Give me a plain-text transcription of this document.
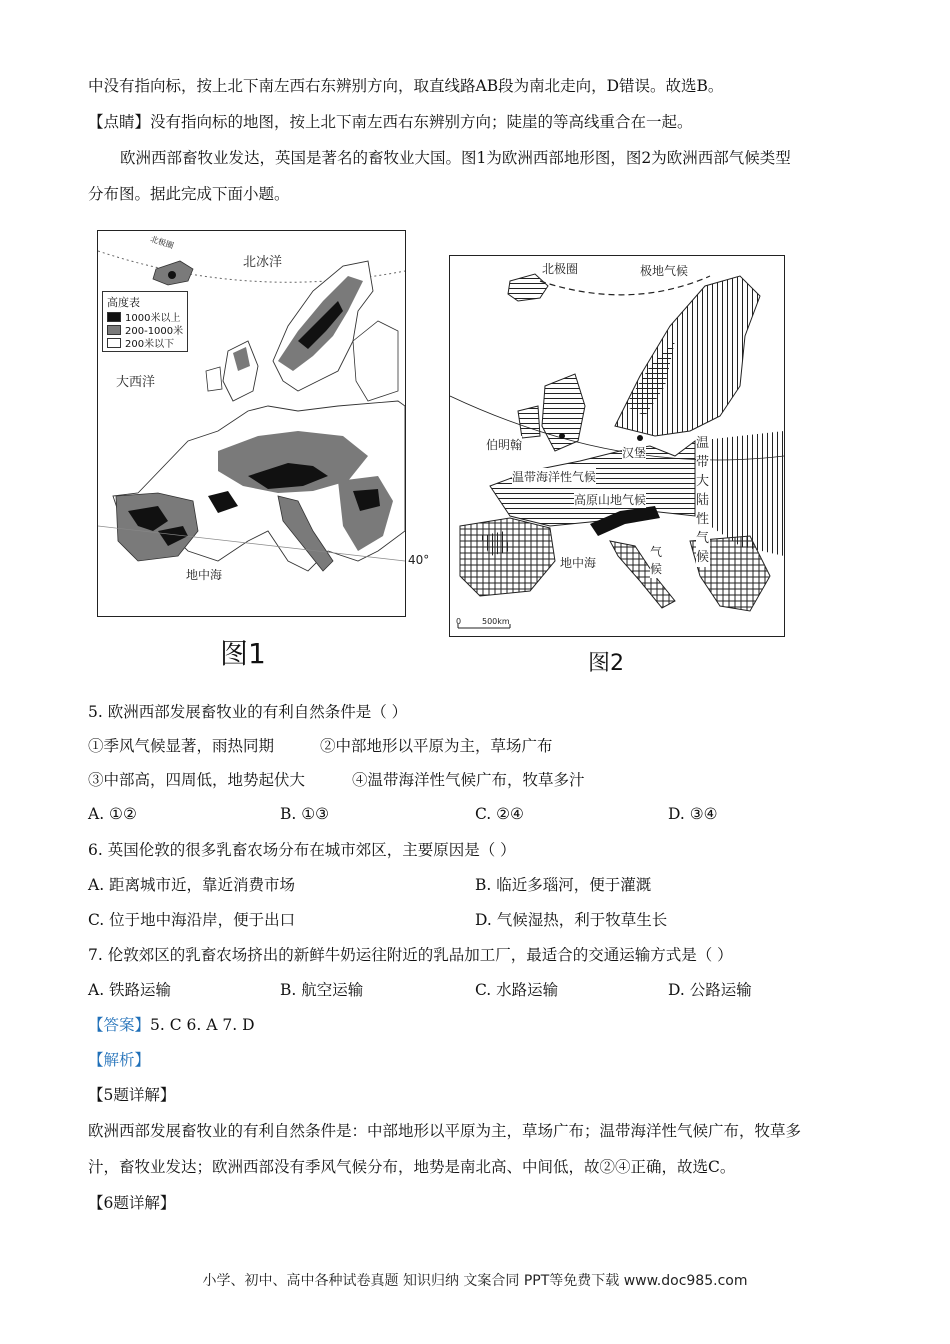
中没有指向标，按上北下南左西右东辨别方向，取直线路AB段为南北走向，D错误。故选B。
【点睛】没有指向标的地图，按上北下南左西右东辨别方向；陡崖的等高线重合在一起。
欧洲西部畜牧业发达，英国是著名的畜牧业大国。图1为欧洲西部地形图，图2为欧洲西部气候类型
分布图。据此完成下面小题。
北极圈
北冰洋
大西洋
地中海
高度表
1000米以上
200-1000米
200米以下
40°
图1
北极圈	极地气候
伯明翰
汉堡
温带海洋性气候
高原山地气候
地中海
气候
温带大陆性气候
0	500km
图2
5. 欧洲西部发展畜牧业的有利自然条件是（ ）
①季风气候显著，雨热同期	②中部地形以平原为主，草场广布
③中部高，四周低，地势起伏大	④温带海洋性气候广布，牧草多汁
A. ①②	B. ①③	C. ②④	D. ③④
6. 英国伦敦的很多乳畜农场分布在城市郊区，主要原因是（ ）
A. 距离城市近，靠近消费市场	B. 临近多瑙河，便于灌溉
C. 位于地中海沿岸，便于出口	D. 气候湿热，利于牧草生长
7. 伦敦郊区的乳畜农场挤出的新鲜牛奶运往附近的乳品加工厂，最适合的交通运输方式是（ ）
A. 铁路运输	B. 航空运输	C. 水路运输	D. 公路运输
【答案】5. C 6. A 7. D
【解析】
【5题详解】
欧洲西部发展畜牧业的有利自然条件是：中部地形以平原为主，草场广布；温带海洋性气候广布，牧草多
汁，畜牧业发达；欧洲西部没有季风气候分布，地势是南北高、中间低，故②④正确，故选C。
【6题详解】
小学、初中、高中各种试卷真题 知识归纳 文案合同 PPT等免费下载 www.doc985.com
